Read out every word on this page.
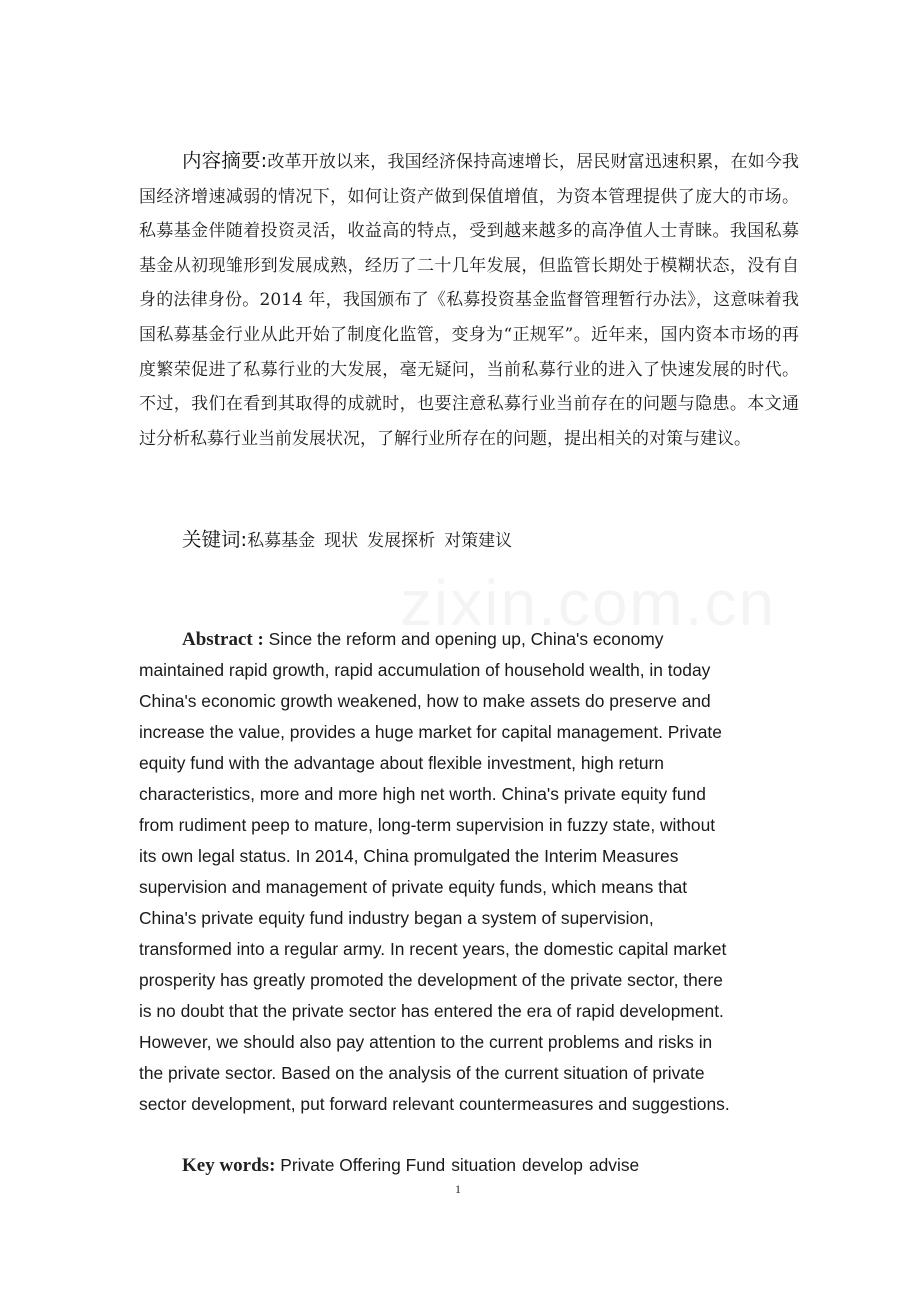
内容摘要:改革开放以来，我国经济保持高速增长，居民财富迅速积累，在如今我国经济增速减弱的情况下，如何让资产做到保值增值，为资本管理提供了庞大的市场。私募基金伴随着投资灵活，收益高的特点，受到越来越多的高净值人士青睐。我国私募基金从初现雏形到发展成熟，经历了二十几年发展，但监管长期处于模糊状态，没有自身的法律身份。2014 年，我国颁布了《私募投资基金监督管理暂行办法》，这意味着我国私募基金行业从此开始了制度化监管，变身为“正规军”。近年来，国内资本市场的再度繁荣促进了私募行业的大发展，毫无疑问，当前私募行业的进入了快速发展的时代。不过，我们在看到其取得的成就时，也要注意私募行业当前存在的问题与隐患。本文通过分析私募行业当前发展状况，了解行业所存在的问题，提出相关的对策与建议。

关键词:私募基金 现状 发展探析 对策建议
Abstract : Since the reform and opening up, China's economy
maintained rapid growth, rapid accumulation of household wealth, in today
China's economic growth weakened, how to make assets do preserve and
increase the value, provides a huge market for capital management. Private
equity fund with the advantage about flexible investment, high return
characteristics, more and more high net worth. China's private equity fund
from rudiment peep to mature, long-term supervision in fuzzy state, without
its own legal status. In 2014, China promulgated the Interim Measures
supervision and management of private equity funds, which means that
China's private equity fund industry began a system of supervision,
transformed into a regular army. In recent years, the domestic capital market
prosperity has greatly promoted the development of the private sector, there
is no doubt that the private sector has entered the era of rapid development.
However, we should also pay attention to the current problems and risks in
the private sector. Based on the analysis of the current situation of private
sector development, put forward relevant countermeasures and suggestions.
Key words: Private Offering Fund situation develop advise
1
